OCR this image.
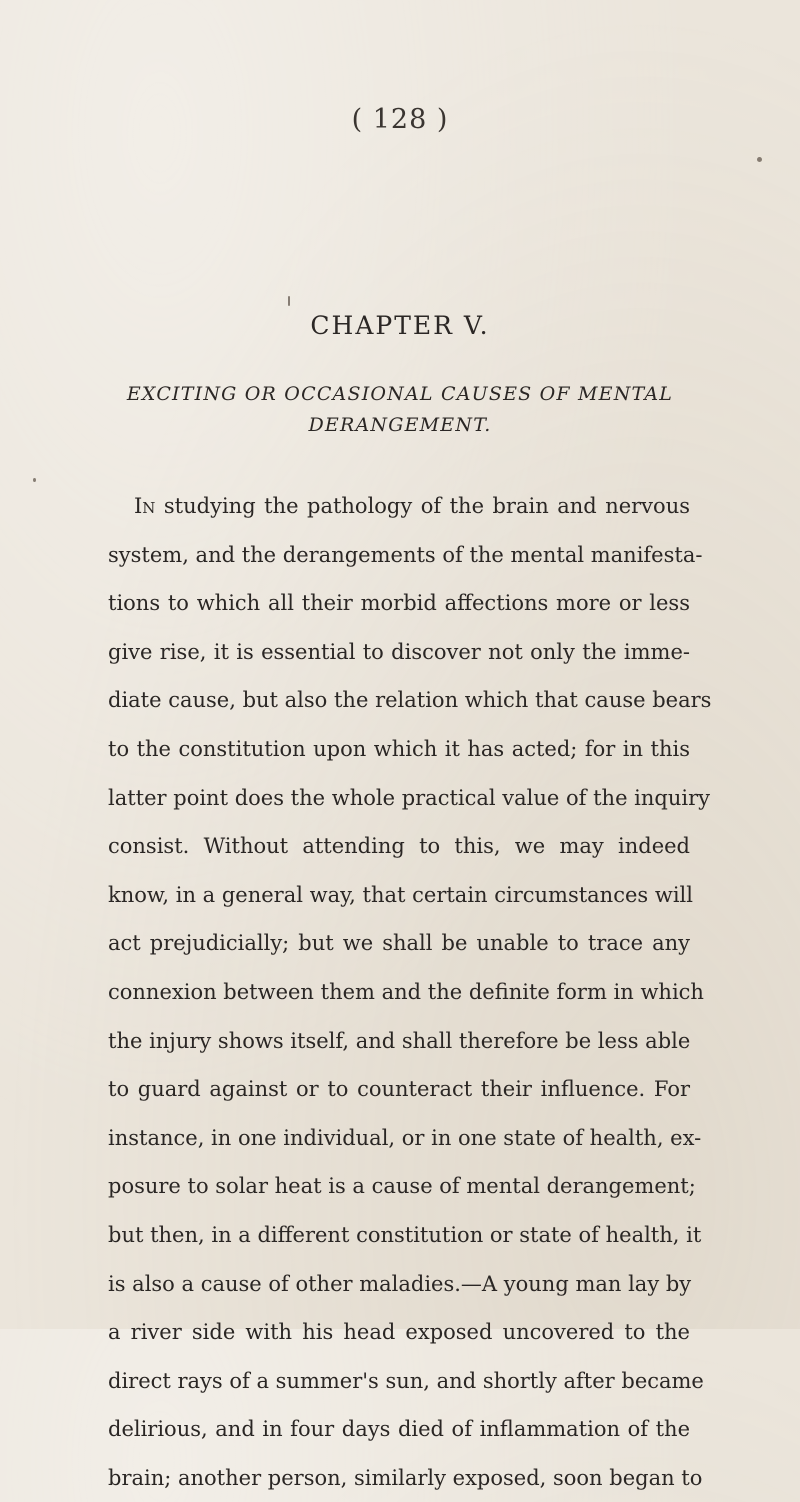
( 128 )
CHAPTER V.
EXCITING OR OCCASIONAL CAUSES OF MENTAL
DERANGEMENT.
In studying the pathology of the brain and nervous
system, and the derangements of the mental manifesta-
tions to which all their morbid affections more or less
give rise, it is essential to discover not only the imme-
diate cause, but also the relation which that cause bears
to the constitution upon which it has acted; for in this
latter point does the whole practical value of the inquiry
consist. Without attending to this, we may indeed
know, in a general way, that certain circumstances will
act prejudicially; but we shall be unable to trace any
connexion between them and the definite form in which
the injury shows itself, and shall therefore be less able
to guard against or to counteract their influence. For
instance, in one individual, or in one state of health, ex-
posure to solar heat is a cause of mental derangement;
but then, in a different constitution or state of health, it
is also a cause of other maladies.—A young man lay by
a river side with his head exposed uncovered to the
direct rays of a summer's sun, and shortly after became
delirious, and in four days died of inflammation of the
brain; another person, similarly exposed, soon began to
